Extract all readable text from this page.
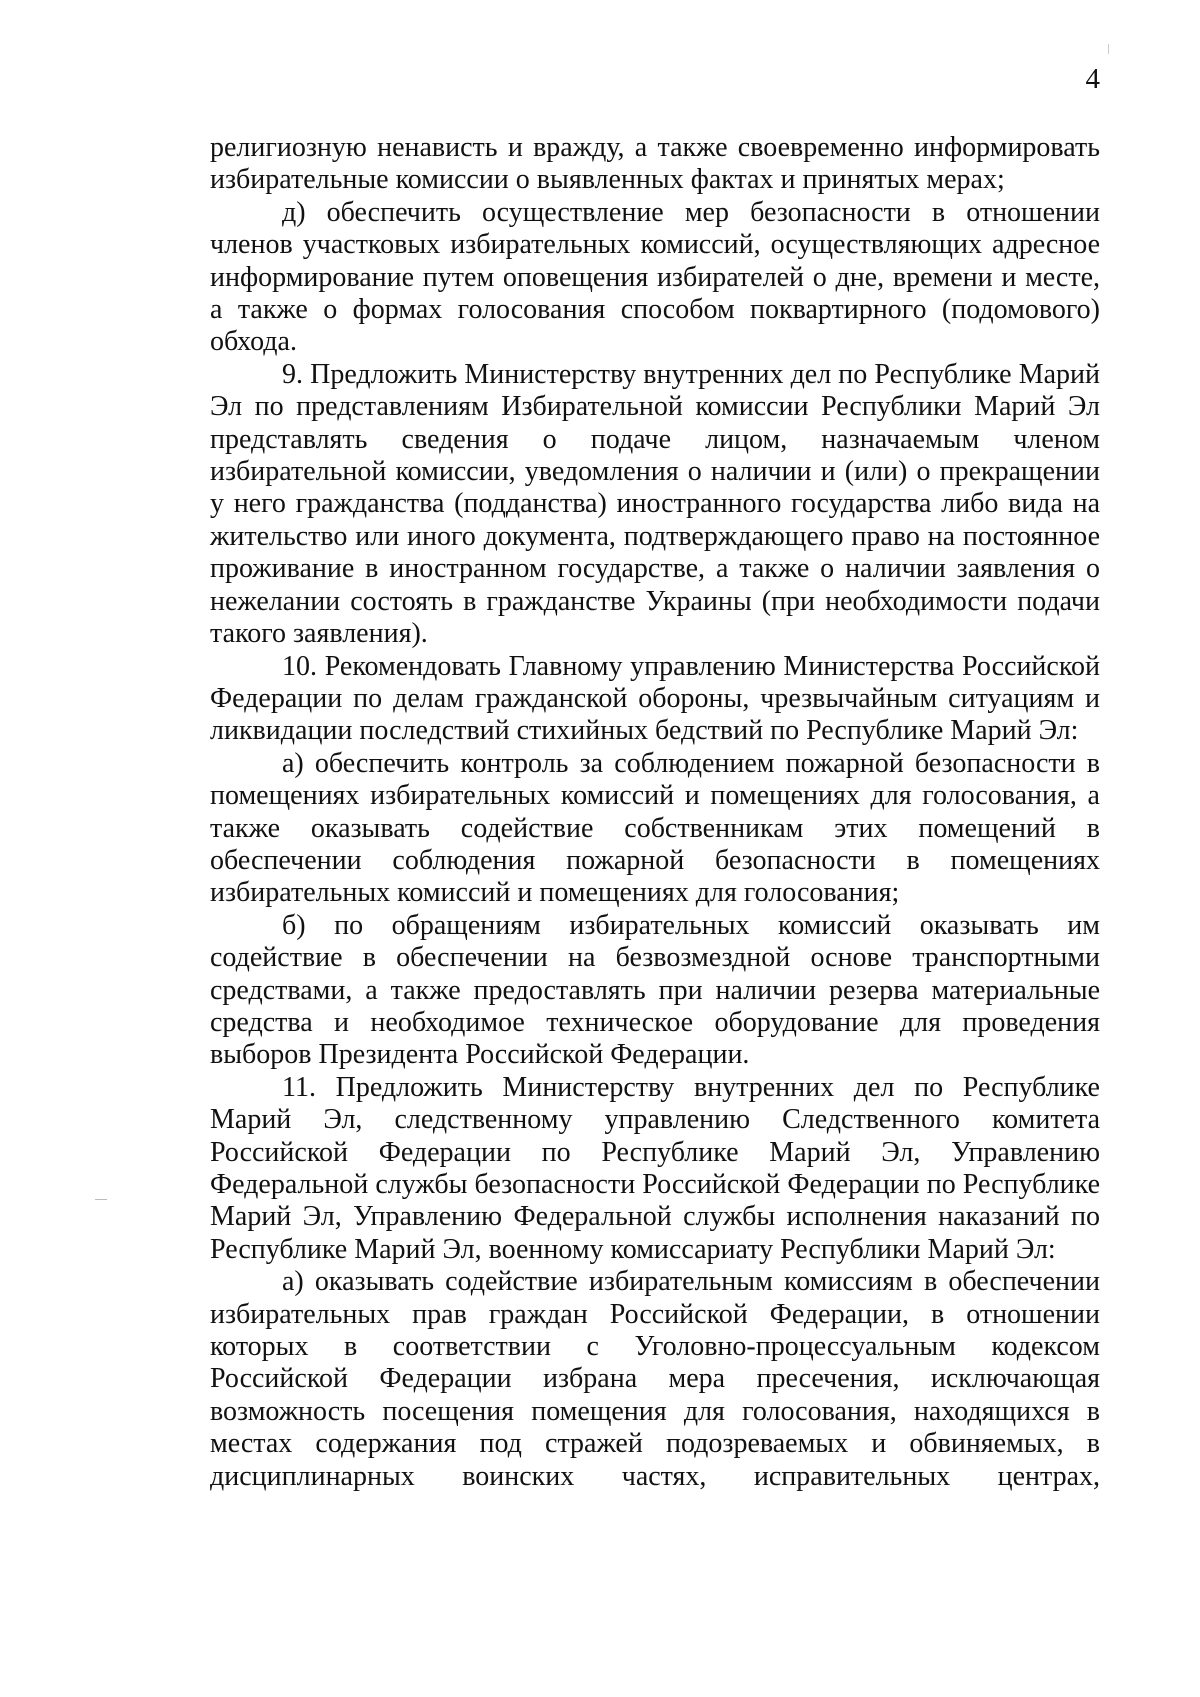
4

религиозную ненависть и вражду, а также своевременно информировать избирательные комиссии о выявленных фактах и принятых мерах;

д) обеспечить осуществление мер безопасности в отношении членов участковых избирательных комиссий, осуществляющих адресное информирование путем оповещения избирателей о дне, времени и месте, а также о формах голосования способом поквартирного (подомового) обхода.

9. Предложить Министерству внутренних дел по Республике Марий Эл по представлениям Избирательной комиссии Республики Марий Эл представлять сведения о подаче лицом, назначаемым членом избирательной комиссии, уведомления о наличии и (или) о прекращении у него гражданства (подданства) иностранного государства либо вида на жительство или иного документа, подтверждающего право на постоянное проживание в иностранном государстве, а также о наличии заявления о нежелании состоять в гражданстве Украины (при необходимости подачи такого заявления).

10. Рекомендовать Главному управлению Министерства Российской Федерации по делам гражданской обороны, чрезвычайным ситуациям и ликвидации последствий стихийных бедствий по Республике Марий Эл:

а) обеспечить контроль за соблюдением пожарной безопасности в помещениях избирательных комиссий и помещениях для голосования, а также оказывать содействие собственникам этих помещений в обеспечении соблюдения пожарной безопасности в помещениях избирательных комиссий и помещениях для голосования;

б) по обращениям избирательных комиссий оказывать им содействие в обеспечении на безвозмездной основе транспортными средствами, а также предоставлять при наличии резерва материальные средства и необходимое техническое оборудование для проведения выборов Президента Российской Федерации.

11. Предложить Министерству внутренних дел по Республике Марий Эл, следственному управлению Следственного комитета Российской Федерации по Республике Марий Эл, Управлению Федеральной службы безопасности Российской Федерации по Республике Марий Эл, Управлению Федеральной службы исполнения наказаний по Республике Марий Эл, военному комиссариату Республики Марий Эл:

а) оказывать содействие избирательным комиссиям в обеспечении избирательных прав граждан Российской Федерации, в отношении которых в соответствии с Уголовно-процессуальным кодексом Российской Федерации избрана мера пресечения, исключающая возможность посещения помещения для голосования, находящихся в местах содержания под стражей подозреваемых и обвиняемых, в дисциплинарных воинских частях, исправительных центрах,
